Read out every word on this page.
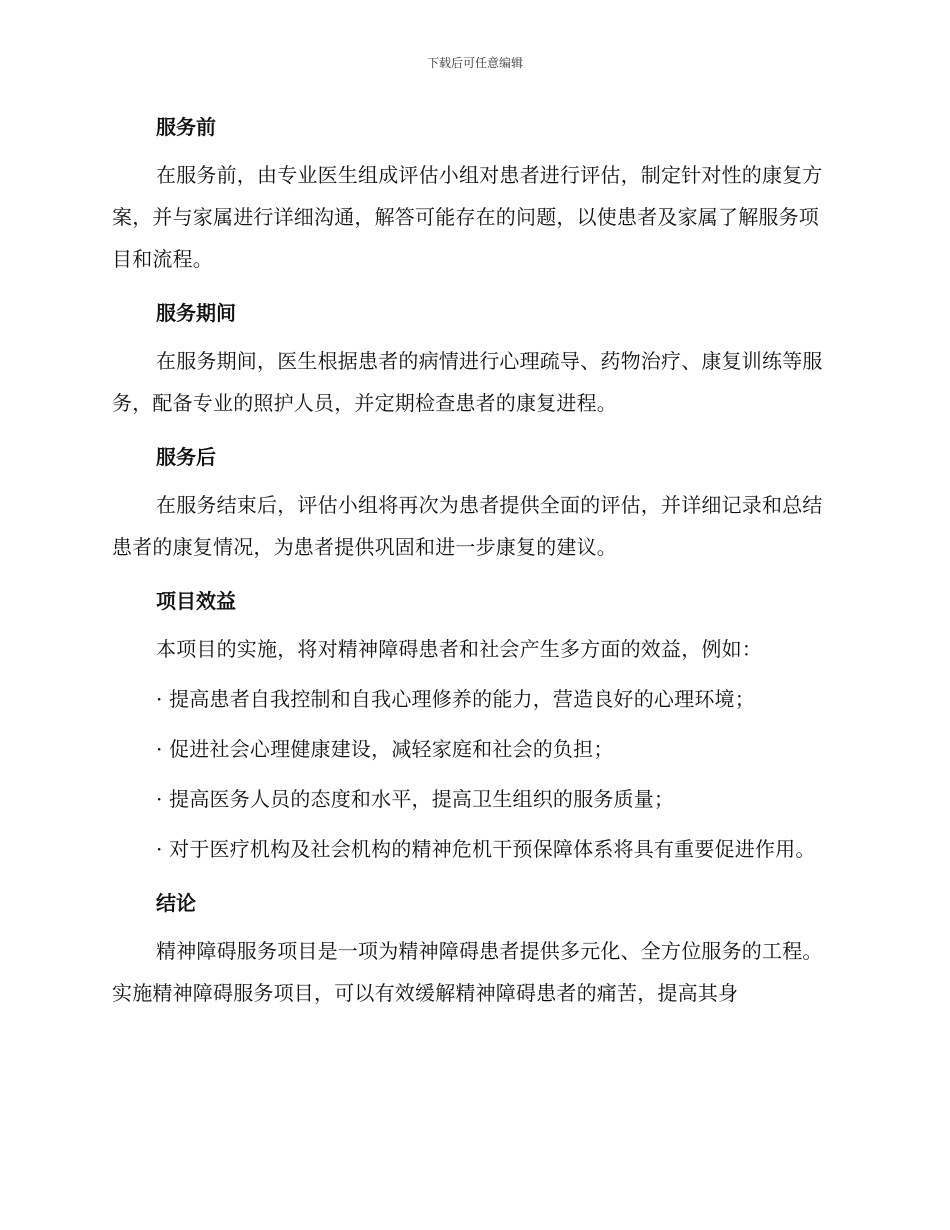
下载后可任意编辑
服务前

在服务前，由专业医生组成评估小组对患者进行评估，制定针对性的康复方案，并与家属进行详细沟通，解答可能存在的问题，以使患者及家属了解服务项目和流程。

服务期间

在服务期间，医生根据患者的病情进行心理疏导、药物治疗、康复训练等服务，配备专业的照护人员，并定期检查患者的康复进程。

服务后

在服务结束后，评估小组将再次为患者提供全面的评估，并详细记录和总结患者的康复情况，为患者提供巩固和进一步康复的建议。

项目效益

本项目的实施，将对精神障碍患者和社会产生多方面的效益，例如：

· 提高患者自我控制和自我心理修养的能力，营造良好的心理环境；

· 促进社会心理健康建设，减轻家庭和社会的负担；

· 提高医务人员的态度和水平，提高卫生组织的服务质量；

· 对于医疗机构及社会机构的精神危机干预保障体系将具有重要促进作用。

结论

精神障碍服务项目是一项为精神障碍患者提供多元化、全方位服务的工程。实施精神障碍服务项目，可以有效缓解精神障碍患者的痛苦，提高其身
